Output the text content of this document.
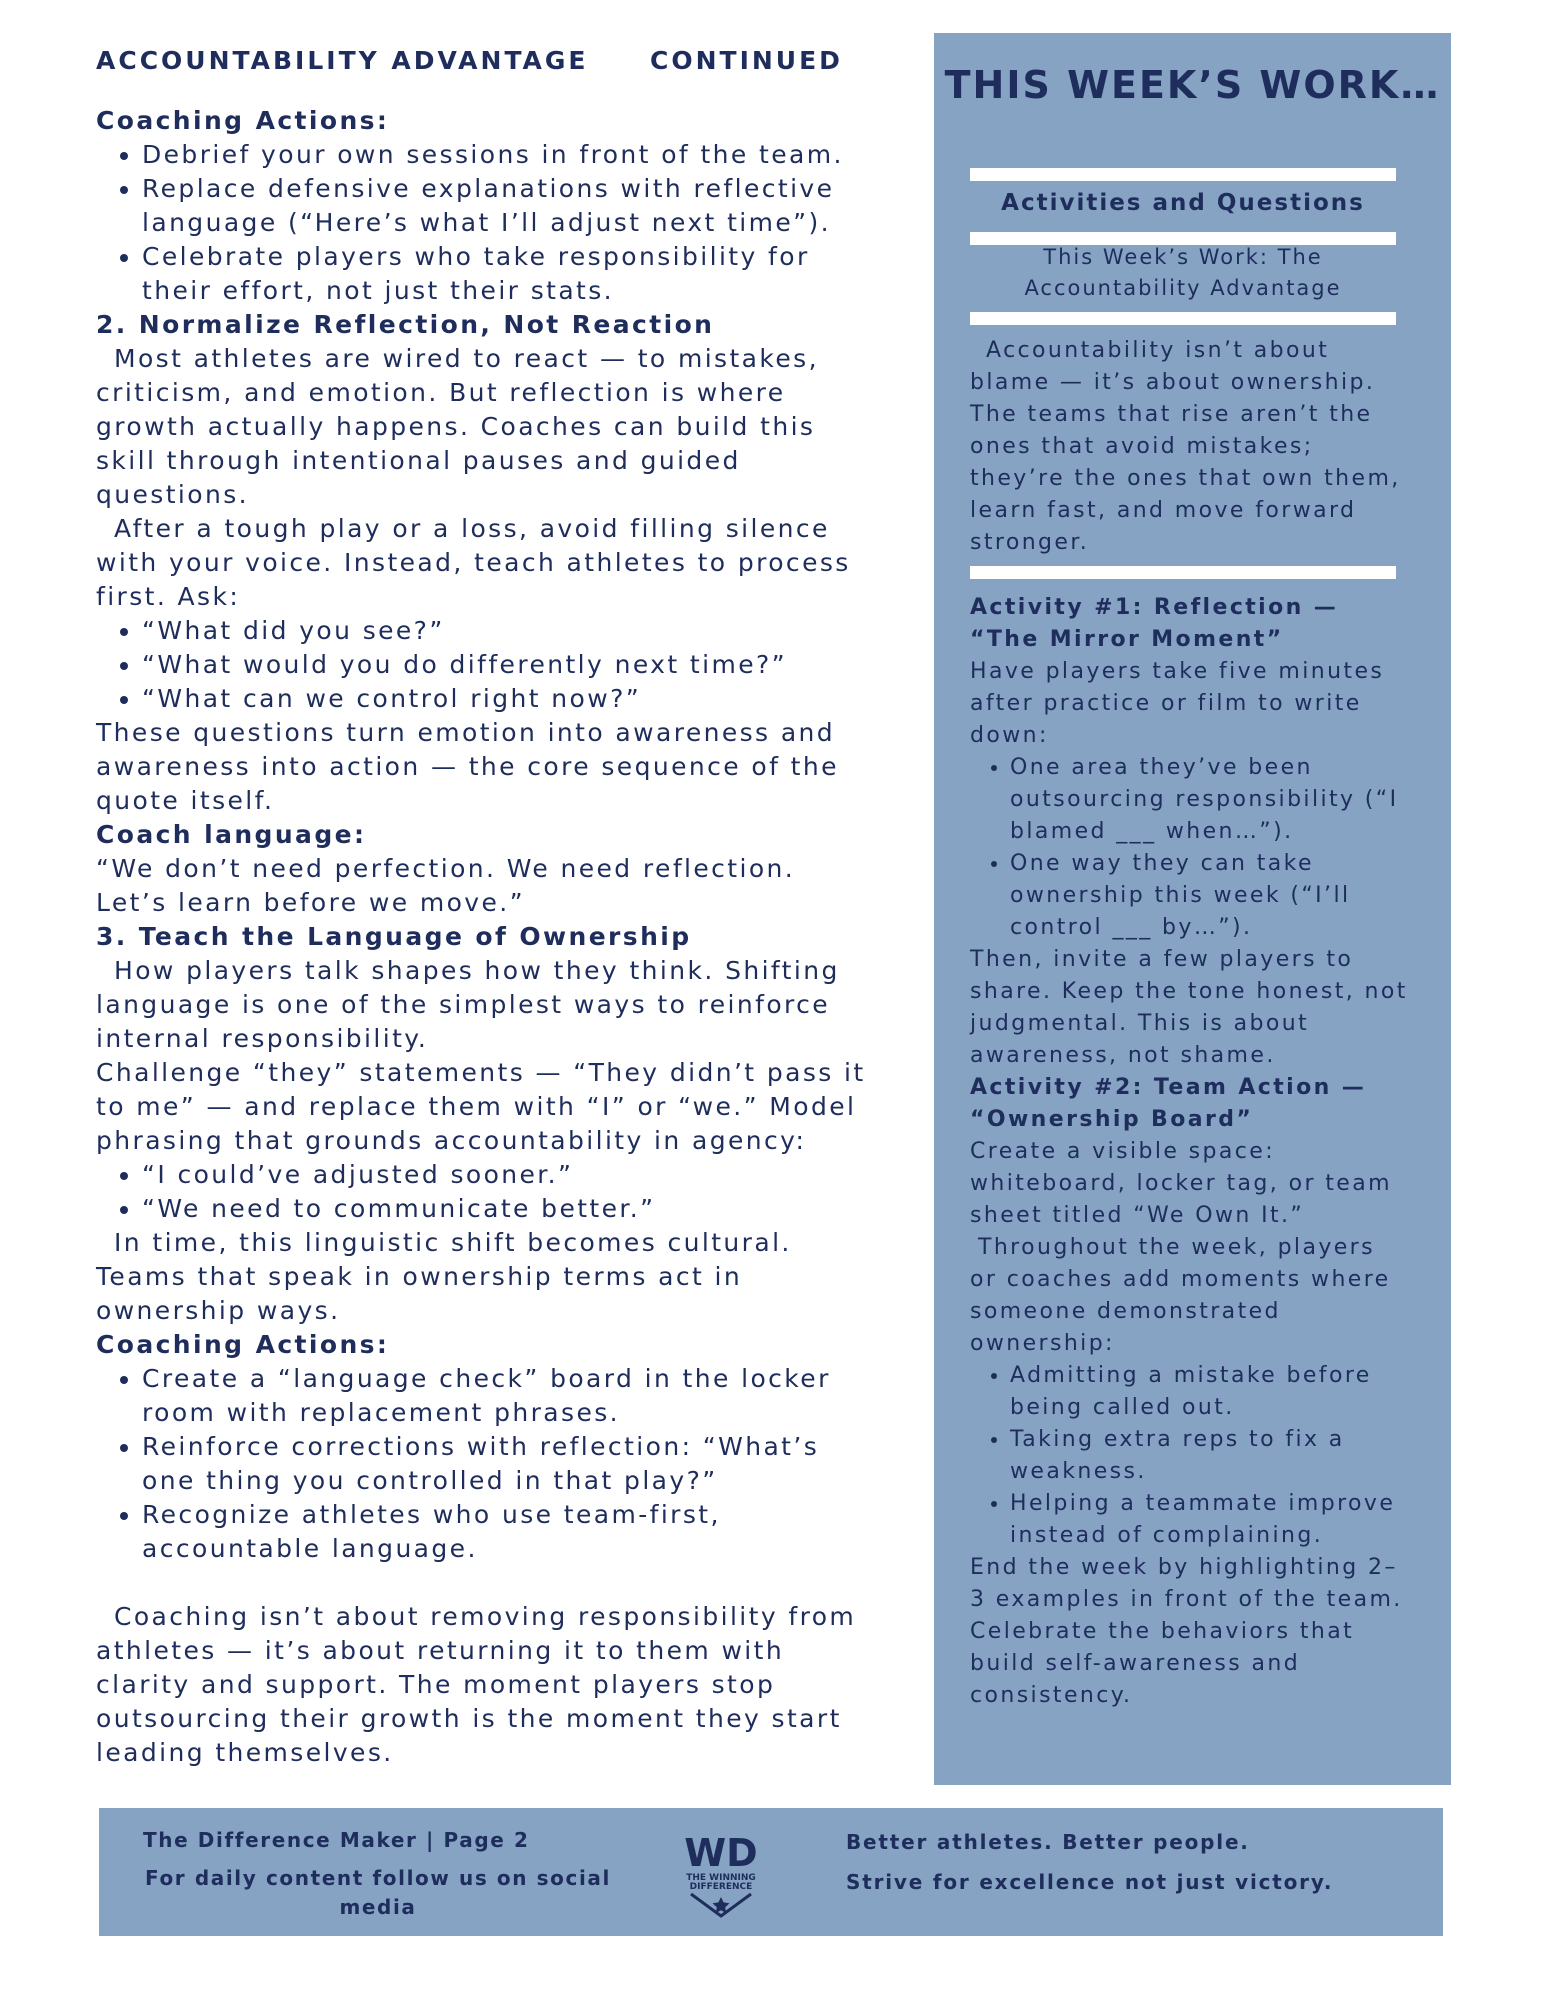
ACCOUNTABILITY ADVANTAGE	CONTINUED

Coaching Actions:

• Debrief your own sessions in front of the team.
• Replace defensive explanations with reflective language (“Here’s what I’ll adjust next time”).
• Celebrate players who take responsibility for their effort, not just their stats.

2. Normalize Reflection, Not Reaction

Most athletes are wired to react — to mistakes, criticism, and emotion. But reflection is where growth actually happens. Coaches can build this skill through intentional pauses and guided questions.

After a tough play or a loss, avoid filling silence with your voice. Instead, teach athletes to process first. Ask:

• “What did you see?”
• “What would you do differently next time?”
• “What can we control right now?”

These questions turn emotion into awareness and awareness into action — the core sequence of the quote itself.

Coach language:

“We don’t need perfection. We need reflection. Let’s learn before we move.”

3. Teach the Language of Ownership

How players talk shapes how they think. Shifting language is one of the simplest ways to reinforce internal responsibility.

Challenge “they” statements — “They didn’t pass it to me” — and replace them with “I” or “we.” Model phrasing that grounds accountability in agency:

• “I could’ve adjusted sooner.”
• “We need to communicate better.”

In time, this linguistic shift becomes cultural. Teams that speak in ownership terms act in ownership ways.

Coaching Actions:

• Create a “language check” board in the locker room with replacement phrases.
• Reinforce corrections with reflection: “What’s one thing you controlled in that play?”
• Recognize athletes who use team-first, accountable language.

Coaching isn’t about removing responsibility from athletes — it’s about returning it to them with clarity and support. The moment players stop outsourcing their growth is the moment they start leading themselves.

THIS WEEK’S WORK…
Activities and Questions
This Week’s Work: The Accountability Advantage
Accountability isn’t about blame — it’s about ownership. The teams that rise aren’t the ones that avoid mistakes; they’re the ones that own them, learn fast, and move forward stronger.

Activity #1: Reflection — “The Mirror Moment”

Have players take five minutes after practice or film to write down:

• One area they’ve been outsourcing responsibility (“I blamed ___ when…”).
• One way they can take ownership this week (“I’ll control ___ by…”).

Then, invite a few players to share. Keep the tone honest, not judgmental. This is about awareness, not shame.

Activity #2: Team Action — “Ownership Board”

Create a visible space: whiteboard, locker tag, or team sheet titled “We Own It.”

Throughout the week, players or coaches add moments where someone demonstrated ownership:

• Admitting a mistake before being called out.
• Taking extra reps to fix a weakness.
• Helping a teammate improve instead of complaining.

End the week by highlighting 2–3 examples in front of the team. Celebrate the behaviors that build self-awareness and consistency.

The Difference Maker | Page 2
For daily content follow us on social media
WD
THE WINNING
DIFFERENCE
Better athletes. Better people.
Strive for excellence not just victory.
